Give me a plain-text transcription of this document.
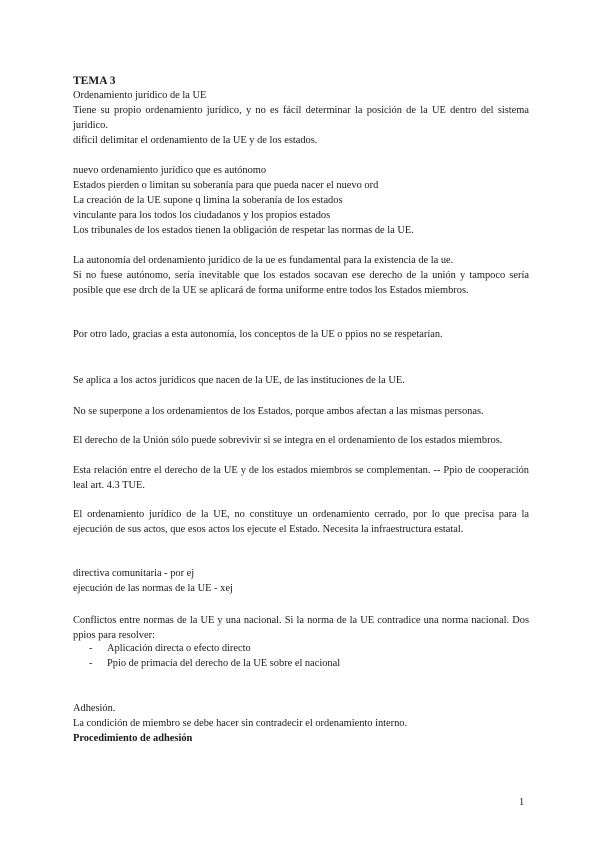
TEMA 3
Ordenamiento jurídico de la UE
Tiene su propio ordenamiento jurídico, y no es fácil determinar la posición de la UE dentro del sistema jurídico.
difícil delimitar el ordenamiento de la UE y de los estados.
nuevo ordenamiento jurídico que es autónomo
Estados pierden o limitan su soberanía para que pueda nacer el nuevo ord
La creación de la UE supone q limina la soberanía de los estados
vinculante para los todos los ciudadanos y los propios estados
Los tribunales de los estados tienen la obligación de respetar las normas de la UE.
La autonomía del ordenamiento jurídico de la ue es fundamental para la existencia de la ue.
Si no fuese autónomo, sería inevitable que los estados socavan ese derecho de la unión y tampoco sería posible que ese drch de la UE se aplicará de forma uniforme entre todos los Estados miembros.
Por otro lado, gracias a esta autonomía, los conceptos de la UE o ppios no se respetarían.
Se aplica a los actos jurídicos que nacen de la UE, de las instituciones de la UE.
No se superpone a los ordenamientos de los Estados, porque ambos afectan a las mismas personas.
El derecho de la Unión sólo puede sobrevivir si se integra en el ordenamiento de los estados miembros.
Esta relación entre el derecho de la UE y de los estados miembros se complementan. -- Ppio de cooperación leal art. 4.3 TUE.
El ordenamiento jurídico de la UE, no constituye un ordenamiento cerrado, por lo que precisa para la ejecución de sus actos, que esos actos los ejecute el Estado. Necesita la infraestructura estatal.
directiva comunitaria - por ej
ejecución de las normas de la UE - xej
Conflictos entre normas de la UE y una nacional. Si la norma de la UE contradice una norma nacional. Dos ppios para resolver:
- Aplicación directa o efecto directo
- Ppio de primacía del derecho de la UE sobre el nacional
Adhesión.
La condición de miembro se debe hacer sin contradecir el ordenamiento interno.
Procedimiento de adhesión
1
